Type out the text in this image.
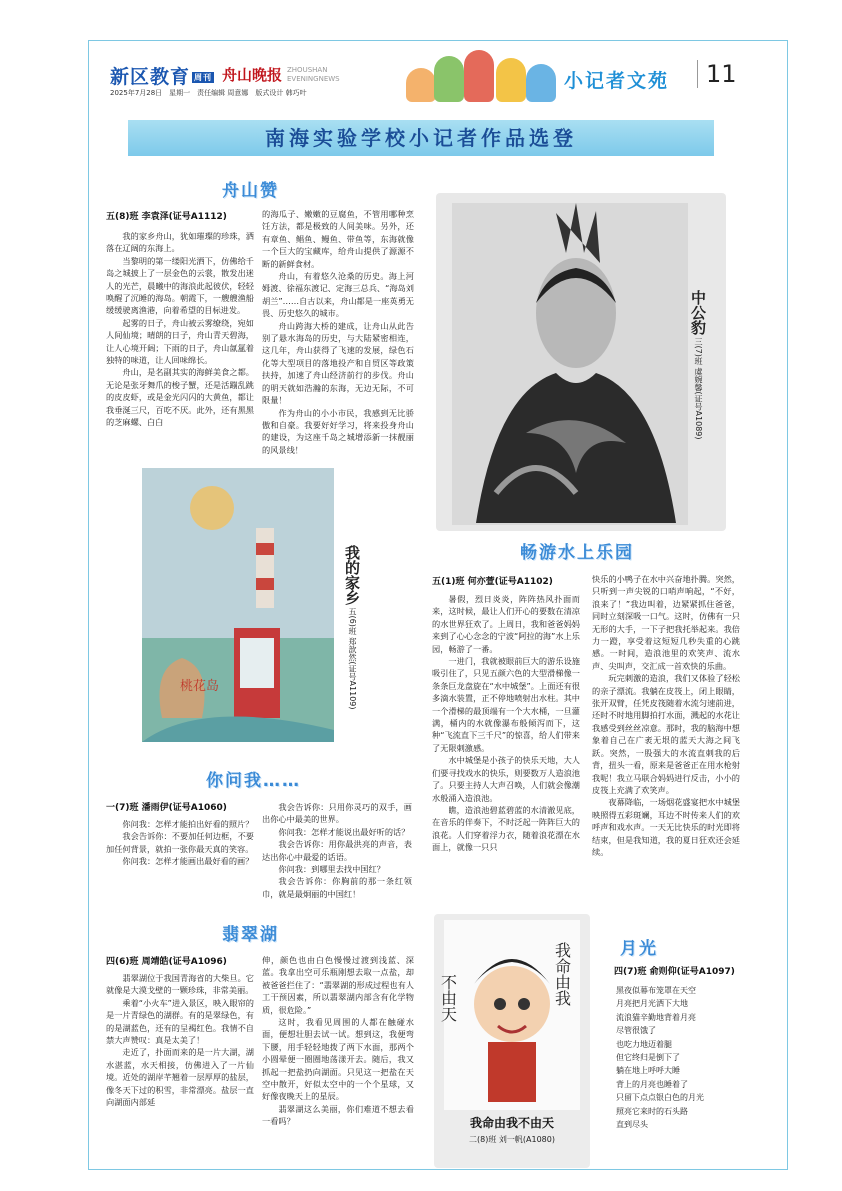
新区教育 周刊 舟山晚报 ZHOUSHAN
EVENINGNEWS
2025年7月28日　星期一　责任编辑 周意娜　版式设计 韩巧叶
小记者文苑	11
南海实验学校小记者作品选登
舟山赞
五(8)班 李袁泽(证号A1112)

我的家乡舟山，犹如璀璨的珍珠，洒落在辽阔的东海上。

当黎明的第一缕阳光洒下，仿佛给千岛之城披上了一层金色的云裳，散发出迷人的光芒，晨曦中的海浪此起彼伏，轻轻唤醒了沉睡的海岛。朝霞下，一艘艘渔船缓缓驶离渔港，向着希望的目标进发。

起雾的日子，舟山被云雾缭绕，宛如人间仙境；晴朗的日子，舟山青天碧海，让人心境开阔；下雨的日子，舟山氤氲着独特的味道，让人回味绵长。

舟山，是名副其实的海鲜美食之都。无论是张牙舞爪的梭子蟹，还是活蹦乱跳的皮皮虾，或是金光闪闪的大黄鱼，都让我垂涎三尺，百吃不厌。此外，还有黑黑的芝麻螺、白白

的海瓜子、嫩嫩的豆腐鱼，不管用哪种烹饪方法，都是极致的人间美味。另外，还有章鱼、鲳鱼、鳗鱼、带鱼等，东海就像一个巨大的宝藏库，给舟山提供了源源不断的新鲜食材。

舟山，有着悠久沧桑的历史。海上河姆渡、徐福东渡记、定海三总兵、“海岛刘胡兰”……自古以来，舟山都是一座英勇无畏、历史悠久的城市。

舟山跨海大桥的建成，让舟山从此告别了悬水海岛的历史，与大陆紧密相连，这几年，舟山获得了飞速的发展，绿色石化等大型项目的落地投产和自贸区等政策扶持，加速了舟山经济前行的步伐。舟山的明天就如浩瀚的东海，无边无际，不可限量！

作为舟山的小小市民，我感到无比骄傲和自豪。我要好好学习，将来投身舟山的建设，为这座千岛之城增添新一抹靓丽的风景线！

中公豹 三(7)班 虞婉馨(证号A1089)
桃花岛
我的家乡 五(6)班 郑歆然(证号A1109)
畅游水上乐园
五(1)班 何亦萱(证号A1102)

暑假，烈日炎炎，阵阵热风扑面而来，这时候，最让人们开心的要数在清凉的水世界狂欢了。上周日，我和爸爸妈妈来到了心心念念的宁波“阿拉的海”水上乐园，畅游了一番。

一进门，我就被眼前巨大的游乐设施吸引住了，只见五颜六色的大型滑梯像一条条巨龙盘旋在“水中城堡”。上面还有很多滴水装置，正不停地喷射出水柱。其中一个滑梯的最顶端有一个大水桶，一旦灌满，桶内的水就像瀑布般倾泻而下，这种“飞流直下三千尺”的惊喜，给人们带来了无限刺激感。

水中城堡是小孩子的快乐天地，大人们要寻找戏水的快乐，则要数万人造浪池了。只要主持人大声召唤，人们就会像潮水般涌入造浪池。

瞧，造浪池碧蓝碧蓝的水清澈见底，在音乐的伴奏下，不时泛起一阵阵巨大的浪花。人们穿着浮力衣，随着浪花漂在水面上，就像一只只

快乐的小鸭子在水中兴奋地扑腾。突然，只听到一声尖锐的口哨声响起，“不好，浪来了！”我边叫着，边紧紧抓住爸爸，同时立刻深吸一口气。这时，仿佛有一只无形的大手，一下子把我托举起来。我倍力一蹬，享受着这短短几秒失重的心跳感。一时间，造浪池里的欢笑声、流水声、尖叫声，交汇成一首欢快的乐曲。

玩完刺激的造浪，我们又体验了轻松的亲子漂流。我躺在皮筏上，闭上眼睛，张开双臂，任凭皮筏随着水流匀速前进，还时不时地用脚拍打水面，溅起的水花让我感受到丝丝凉意。那时，我的脑海中想象着自己在广袤无垠的蓝天大海之间飞跃。突然，一股强大的水流直刺我的后背，扭头一看，原来是爸爸正在用水枪射我呢！我立马联合妈妈进行反击，小小的皮筏上充满了欢笑声。

夜幕降临，一场烟花盛宴把水中城堡映照得五彩斑斓，耳边不时传来人们的欢呼声和戏水声。一天无比快乐的时光即将结束，但是我知道，我的夏日狂欢还会延续。

你问我……
一(7)班 潘雨伊(证号A1060)

你问我：怎样才能拍出好看的照片？

我会告诉你：不要加任何边框，不要加任何背景，就拍一张你最天真的笑容。

你问我：怎样才能画出最好看的画？

我会告诉你：只用你灵巧的双手，画出你心中最美的世界。

你问我：怎样才能说出最好听的话？

我会告诉你：用你最洪亮的声音，表达出你心中最爱的话语。

你问我：到哪里去找中国红？

我会告诉你：你胸前的那一条红领巾，就是最炯丽的中国红！

翡翠湖
四(6)班 周靖皓(证号A1096)

翡翠湖位于我国青海省的大柴旦。它就像是大漠戈壁的一颗珍珠，非常美丽。

乘着“小火车”进入景区，映入眼帘的是一片青绿色的湖群。有的是翠绿色，有的是湖蓝色，还有的呈褐红色。我情不自禁大声赞叹：真是太美了！

走近了，扑面而来的是一片大湖，湖水湛蓝，水天相接，仿佛进入了一片仙境。近处的湖岸芊翘着一层厚厚的盐层，像冬天下过的积雪，非常漂亮。盐层一直向湖面内部延

伸，颜色也由白色慢慢过渡到浅蓝、深蓝。我拿出空可乐瓶刚想去取一点盐，却被爸爸拦住了：“翡翠湖的形成过程也有人工干预因素，所以翡翠湖内部含有化学物质，很危险。”

这时，我看见周围的人都在触碰水面，便想壮胆去试一试。想到这，我便弯下腰，用手轻轻地拨了两下水面，那两个小圆晕便一圈圈地荡漾开去。随后，我又抓起一把盐扔向湖面。只见这一把盐在天空中散开，好似太空中的一个个星球，又好像夜晚天上的星辰。

翡翠湖这么美丽，你们难道不想去看一看吗？

不由天	我命由我
我命由我不由天
二(8)班 刘一帆(A1080)
月光
四(7)班 俞则仰(证号A1097)
黑夜似幕布笼罩在天空
月亮把月光洒下大地
流浪猫辛勤地背着月亮
尽管很饿了
也吃力地迈着腿
但它终归是倒下了
躺在地上呼呼大睡
背上的月亮也睡着了
只留下点点银白色的月光
照亮它来时的石头路
直到尽头
